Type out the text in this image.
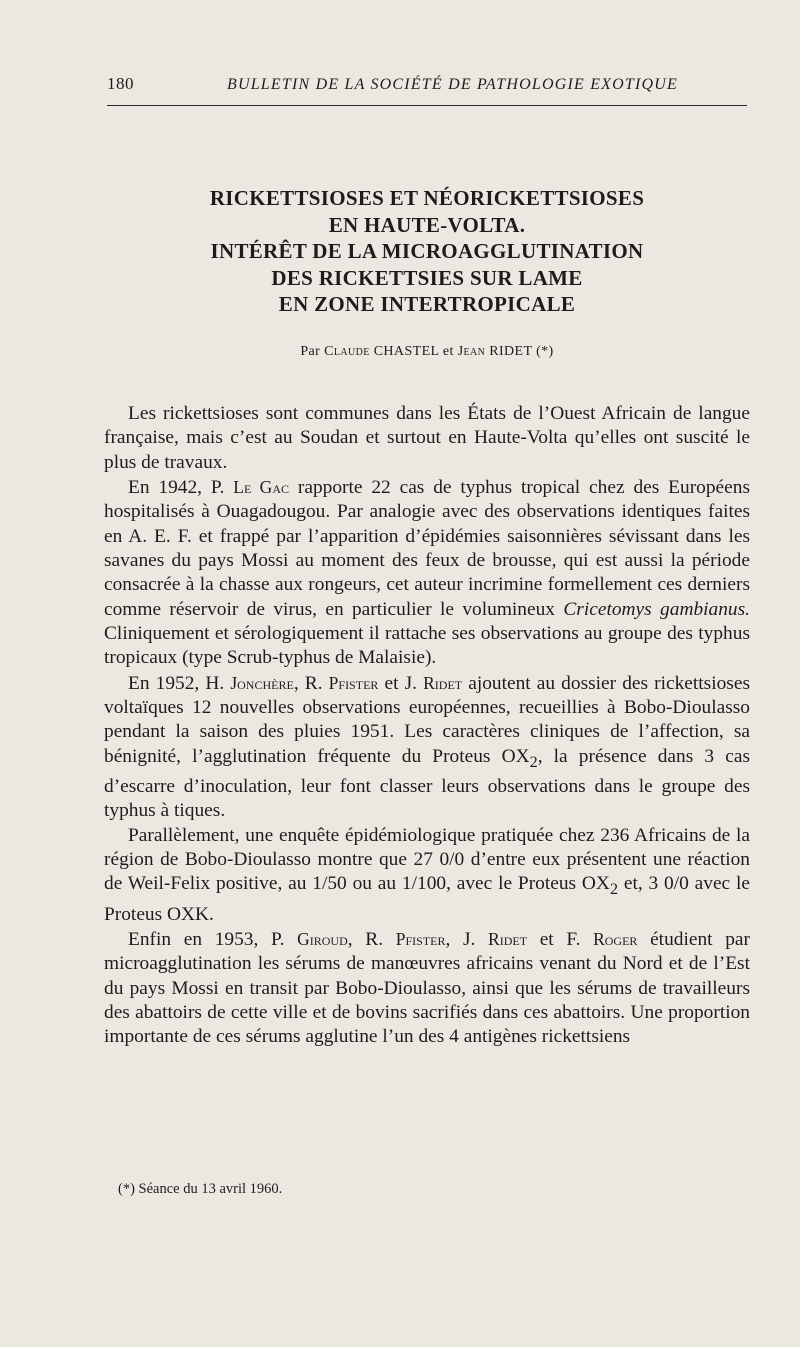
180	BULLETIN DE LA SOCIÉTÉ DE PATHOLOGIE EXOTIQUE
RICKETTSIOSES ET NÉORICKETTSIOSES
EN HAUTE-VOLTA.
INTÉRÊT DE LA MICROAGGLUTINATION
DES RICKETTSIES SUR LAME
EN ZONE INTERTROPICALE
Par Claude CHASTEL et Jean RIDET (*)

Les rickettsioses sont communes dans les États de l’Ouest Africain de langue française, mais c’est au Soudan et surtout en Haute-Volta qu’elles ont suscité le plus de travaux.

En 1942, P. Le Gac rapporte 22 cas de typhus tropical chez des Européens hospitalisés à Ouagadougou. Par analogie avec des observations identiques faites en A. E. F. et frappé par l’apparition d’épidémies saisonnières sévissant dans les savanes du pays Mossi au moment des feux de brousse, qui est aussi la période consacrée à la chasse aux rongeurs, cet auteur incrimine formellement ces derniers comme réservoir de virus, en particulier le volumineux Cricetomys gambianus. Cliniquement et sérologiquement il rattache ses observations au groupe des typhus tropicaux (type Scrub-typhus de Malaisie).

En 1952, H. Jonchère, R. Pfister et J. Ridet ajoutent au dossier des rickettsioses voltaïques 12 nouvelles observations européennes, recueillies à Bobo-Dioulasso pendant la saison des pluies 1951. Les caractères cliniques de l’affection, sa bénignité, l’agglutination fréquente du Proteus $OX_2$, la présence dans 3 cas d’escarre d’inoculation, leur font classer leurs observations dans le groupe des typhus à tiques.

Parallèlement, une enquête épidémiologique pratiquée chez 236 Africains de la région de Bobo-Dioulasso montre que 27 0/0 d’entre eux présentent une réaction de Weil-Felix positive, au 1/50 ou au 1/100, avec le Proteus $OX_2$ et, 3 0/0 avec le Proteus OXK.

Enfin en 1953, P. Giroud, R. Pfister, J. Ridet et F. Roger étudient par microagglutination les sérums de manœuvres africains venant du Nord et de l’Est du pays Mossi en transit par Bobo-Dioulasso, ainsi que les sérums de travailleurs des abattoirs de cette ville et de bovins sacrifiés dans ces abattoirs. Une proportion importante de ces sérums agglutine l’un des 4 antigènes rickettsiens

(*) Séance du 13 avril 1960.
